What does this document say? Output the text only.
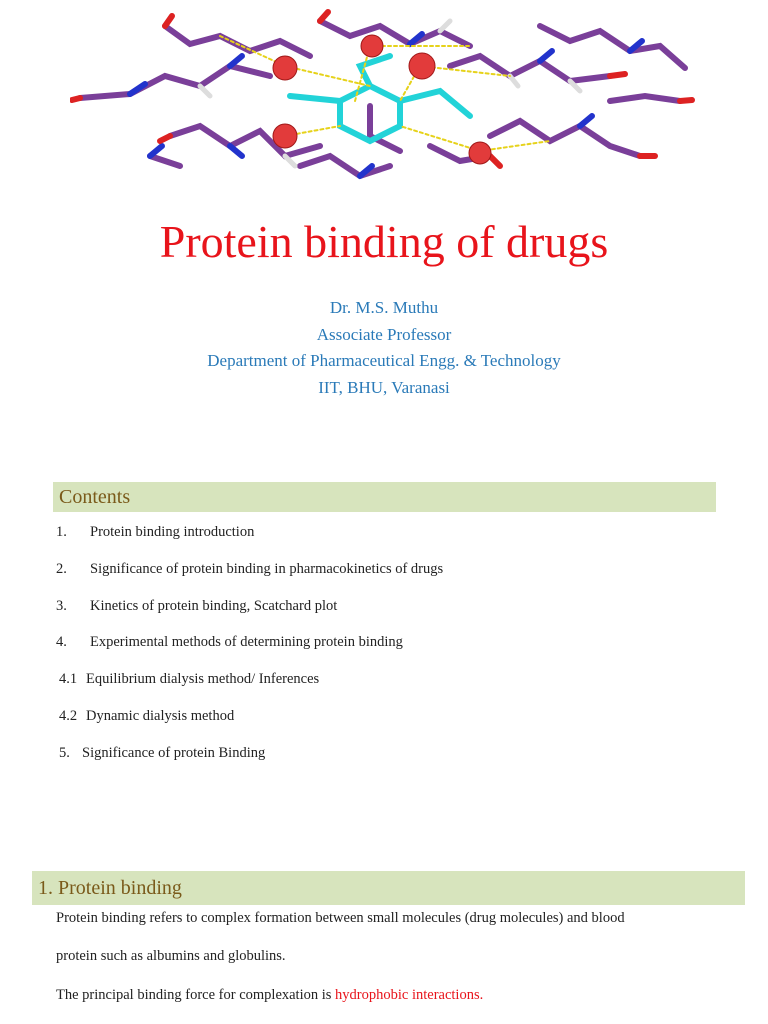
Protein binding of drugs
Dr. M.S. Muthu
Associate Professor
Department of Pharmaceutical Engg. & Technology
IIT, BHU, Varanasi
Contents
1. Protein binding introduction
2. Significance of protein binding in pharmacokinetics of drugs
3. Kinetics of protein binding, Scatchard plot
4. Experimental methods of determining protein binding
4.1 Equilibrium dialysis method/ Inferences
4.2 Dynamic dialysis method
5. Significance of protein Binding
1. Protein binding
Protein binding refers to complex formation between small molecules (drug molecules) and blood
protein such as albumins and globulins.
The principal binding force for complexation is hydrophobic interactions.
